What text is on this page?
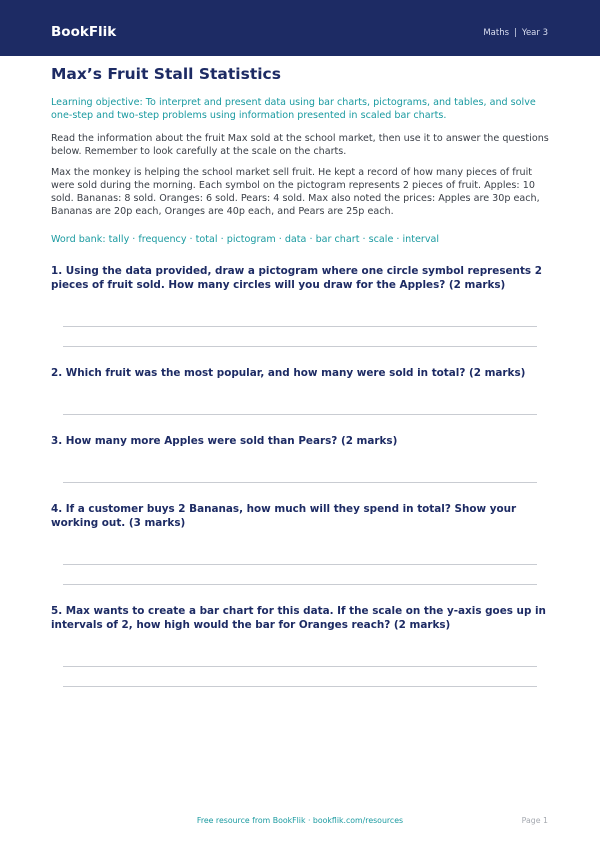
BookFlik	Maths | Year 3
Max’s Fruit Stall Statistics
Learning objective: To interpret and present data using bar charts, pictograms, and tables, and solve one-step and two-step problems using information presented in scaled bar charts.
Read the information about the fruit Max sold at the school market, then use it to answer the questions below. Remember to look carefully at the scale on the charts.
Max the monkey is helping the school market sell fruit. He kept a record of how many pieces of fruit were sold during the morning. Each symbol on the pictogram represents 2 pieces of fruit. Apples: 10 sold. Bananas: 8 sold. Oranges: 6 sold. Pears: 4 sold. Max also noted the prices: Apples are 30p each, Bananas are 20p each, Oranges are 40p each, and Pears are 25p each.
Word bank: tally · frequency · total · pictogram · data · bar chart · scale · interval
1. Using the data provided, draw a pictogram where one circle symbol represents 2 pieces of fruit sold. How many circles will you draw for the Apples? (2 marks)
2. Which fruit was the most popular, and how many were sold in total? (2 marks)
3. How many more Apples were sold than Pears? (2 marks)
4. If a customer buys 2 Bananas, how much will they spend in total? Show your working out. (3 marks)
5. Max wants to create a bar chart for this data. If the scale on the y-axis goes up in intervals of 2, how high would the bar for Oranges reach? (2 marks)
Free resource from BookFlik · bookflik.com/resources	Page 1
